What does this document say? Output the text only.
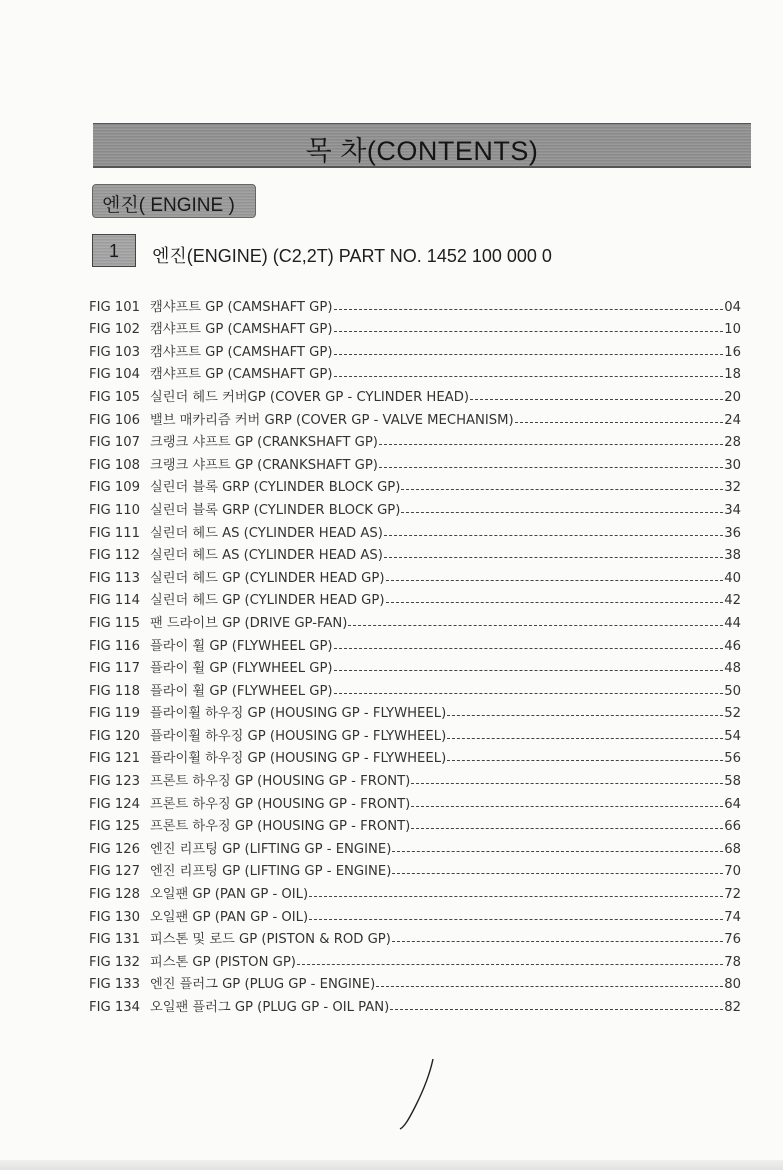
목 차(CONTENTS)
엔진( ENGINE )
1	엔진(ENGINE) (C2,2T) PART NO. 1452 100 000 0
FIG 101 캠샤프트 GP (CAMSHAFT GP)	04
FIG 102 캠샤프트 GP (CAMSHAFT GP)	10
FIG 103 캠샤프트 GP (CAMSHAFT GP)	16
FIG 104 캠샤프트 GP (CAMSHAFT GP)	18
FIG 105 실린더 헤드 커버GP (COVER GP - CYLINDER HEAD)	20
FIG 106 밸브 매카리즘 커버 GRP (COVER GP - VALVE MECHANISM)	24
FIG 107 크랭크 샤프트 GP (CRANKSHAFT GP)	28
FIG 108 크랭크 샤프트 GP (CRANKSHAFT GP)	30
FIG 109 실린더 블록 GRP (CYLINDER BLOCK GP)	32
FIG 110 실린더 블록 GRP (CYLINDER BLOCK GP)	34
FIG 111 실린더 헤드 AS (CYLINDER HEAD AS)	36
FIG 112 실린더 헤드 AS (CYLINDER HEAD AS)	38
FIG 113 실린더 헤드 GP (CYLINDER HEAD GP)	40
FIG 114 실린더 헤드 GP (CYLINDER HEAD GP)	42
FIG 115 팬 드라이브 GP (DRIVE GP-FAN)	44
FIG 116 플라이 휠 GP (FLYWHEEL GP)	46
FIG 117 플라이 휠 GP (FLYWHEEL GP)	48
FIG 118 플라이 휠 GP (FLYWHEEL GP)	50
FIG 119 플라이휠 하우징 GP (HOUSING GP - FLYWHEEL)	52
FIG 120 플라이휠 하우징 GP (HOUSING GP - FLYWHEEL)	54
FIG 121 플라이휠 하우징 GP (HOUSING GP - FLYWHEEL)	56
FIG 123 프론트 하우징 GP (HOUSING GP - FRONT)	58
FIG 124 프론트 하우징 GP (HOUSING GP - FRONT)	64
FIG 125 프론트 하우징 GP (HOUSING GP - FRONT)	66
FIG 126 엔진 리프팅 GP (LIFTING GP - ENGINE)	68
FIG 127 엔진 리프팅 GP (LIFTING GP - ENGINE)	70
FIG 128 오일팬 GP (PAN GP - OIL)	72
FIG 130 오일팬 GP (PAN GP - OIL)	74
FIG 131 피스톤 및 로드 GP (PISTON & ROD GP)	76
FIG 132 피스톤 GP (PISTON GP)	78
FIG 133 엔진 플러그 GP (PLUG GP - ENGINE)	80
FIG 134 오일팬 플러그 GP (PLUG GP - OIL PAN)	82
